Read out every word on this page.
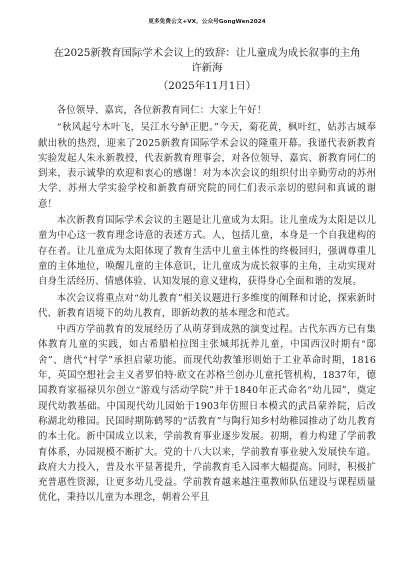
更多免费公文+VX，公众号GongWen2024
在2025新教育国际学术会议上的致辞：让儿童成为成长叙事的主角
许新海
（2025年11月1日）

各位领导、嘉宾，各位新教育同仁：大家上午好！

“秋风起兮木叶飞，吴江水兮鲈正肥。”今天，菊花黄，枫叶红，姑苏古城奉献出秋的热烈，迎来了2025新教育国际学术会议的隆重开幕。我谨代表新教育实验发起人朱永新教授，代表新教育理事会，对各位领导、嘉宾、新教育同仁的到来，表示诚挚的欢迎和衷心的感谢！对为本次会议的组织付出辛勤劳动的苏州大学、苏州大学实验学校和新教育研究院的同仁们表示亲切的慰问和真诚的谢意！

本次新教育国际学术会议的主题是让儿童成为太阳。让儿童成为太阳是以儿童为中心这一教育理念诗意的表述方式。人，包括儿童，本身是一个自我建构的存在者。让儿童成为太阳体现了教育生活中儿童主体性的终极回归，强调尊重儿童的主体地位，唤醒儿童的主体意识，让儿童成为成长叙事的主角，主动实现对自身生活经历、情感体验、认知发展的意义建构，获得身心全面和谐的发展。

本次会议将重点对“幼儿教育”相关议题进行多维度的阐释和讨论，探索新时代、新教育语境下的幼儿教育，即新幼教的基本理念和范式。

中西方学前教育的发展经历了从萌芽到成熟的演变过程。古代东西方已有集体教育儿童的实践，如古希腊柏拉图主张城邦抚养儿童，中国西汉时期有“邸舍”、唐代“村学”承担启蒙功能。而现代幼教雏形则始于工业革命时期，1816年，英国空想社会主义者罗伯特·欧文在苏格兰创办儿童托管机构，1837年，德国教育家福禄贝尔创立“游戏与活动学院”并于1840年正式命名“幼儿园”，奠定现代幼教基础。中国现代幼儿园始于1903年仿照日本模式的武昌蒙养院，后改称湖北幼稚园。民国时期陈鹤琴的“活教育”与陶行知乡村幼稚园推动了幼儿教育的本土化。新中国成立以来，学前教育事业逐步发展。初期，着力构建了学前教育体系，办园规模不断扩大。党的十八大以来，学前教育事业驶入发展快车道。政府大力投入，普及水平显著提升，学前教育毛入园率大幅提高。同时，积极扩充普惠性资源，让更多幼儿受益。学前教育越来越注重教师队伍建设与课程质量优化，秉持以儿童为本理念，朝着公平且
